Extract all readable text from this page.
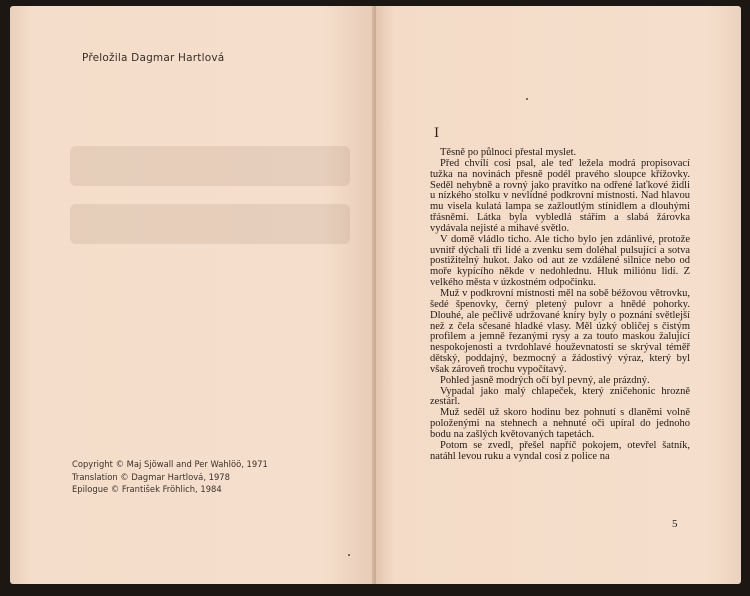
Přeložila Dagmar Hartlová
Copyright © Maj Sjöwall and Per Wahlöö, 1971
Translation © Dagmar Hartlová, 1978
Epilogue © František Fröhlich, 1984
I

Těsně po půlnoci přestal myslet.

Před chvílí cosi psal, ale teď ležela modrá propisovací tužka na novinách přesně podél pravého sloupce křížovky. Seděl nehybně a rovný jako pravítko na odřené laťkové židli u nízkého stolku v nevlídné podkrovní místnosti. Nad hlavou mu visela kulatá lampa se zažloutlým stínidlem a dlouhými třásněmi. Látka byla vybledlá stářím a slabá žárovka vydávala nejisté a mihavé světlo.

V domě vládlo ticho. Ale ticho bylo jen zdánlivé, protože uvnitř dýchali tři lidé a zvenku sem doléhal pulsující a sotva postižitelný hukot. Jako od aut ze vzdálené silnice nebo od moře kypícího někde v nedohlednu. Hluk miliónu lidí. Z velkého města v úzkostném odpočinku.

Muž v podkrovní místnosti měl na sobě béžovou větrovku, šedé špenovky, černý pletený pulovr a hnědé pohorky. Dlouhé, ale pečlivě udržované kníry byly o poznání světlejší než z čela sčesané hladké vlasy. Měl úzký obličej s čistým profilem a jemně řezanými rysy a za touto maskou žalující nespokojenosti a tvrdohlavé houževnatosti se skrýval téměř dětský, poddajný, bezmocný a žádostivý výraz, který byl však zároveň trochu vypočítavý.

Pohled jasně modrých očí byl pevný, ale prázdný.

Vypadal jako malý chlapeček, který zničehonic hrozně zestárl.

Muž seděl už skoro hodinu bez pohnutí s dlaněmi volně položenými na stehnech a nehnuté oči upíral do jednoho bodu na zašlých květovaných tapetách.

Potom se zvedl, přešel napříč pokojem, otevřel šatník, natáhl levou ruku a vyndal cosi z police na

5
